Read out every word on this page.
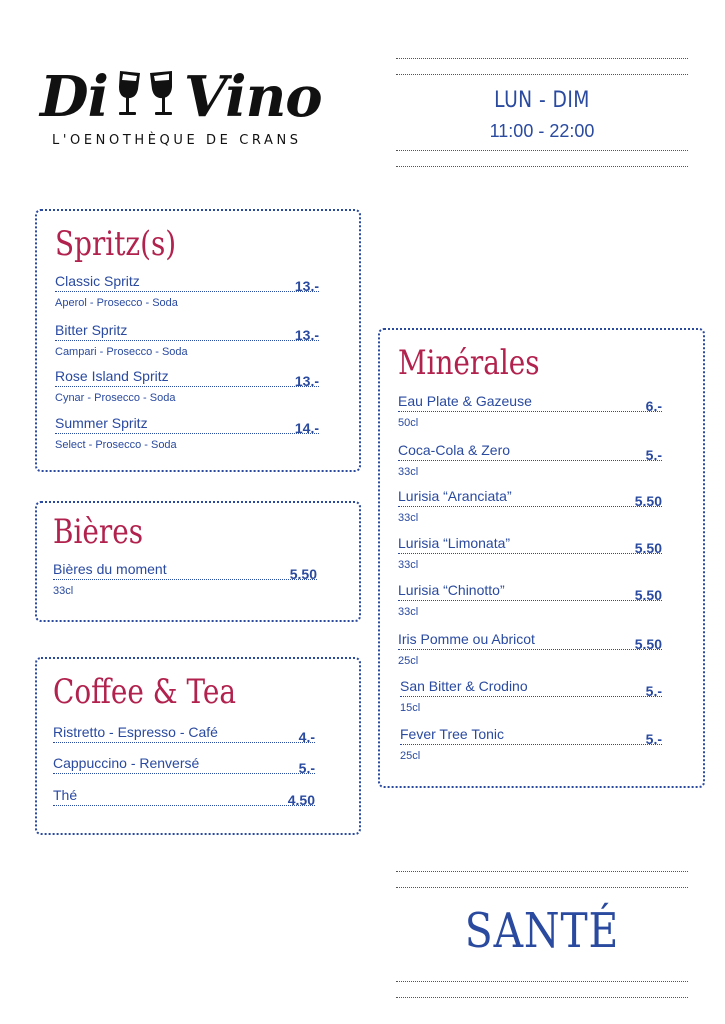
Di Vino
L'OENOTHÈQUE DE CRANS
LUN - DIM
11:00 - 22:00
Spritz(s)
Classic Spritz	13.-
Aperol - Prosecco - Soda
Bitter Spritz	13.-
Campari - Prosecco - Soda
Rose Island Spritz	13.-
Cynar - Prosecco - Soda
Summer Spritz	14.-
Select - Prosecco - Soda
Bières
Bières du moment	5.50
33cl
Coffee & Tea
Ristretto - Espresso - Café	4.-
Cappuccino - Renversé	5.-
Thé	4.50
Minérales
Eau Plate & Gazeuse	6.-
50cl
Coca-Cola & Zero	5.-
33cl
Lurisia “Aranciata”	5.50
33cl
Lurisia “Limonata”	5.50
33cl
Lurisia “Chinotto”	5.50
33cl
Iris Pomme ou Abricot	5.50
25cl
San Bitter & Crodino	5.-
15cl
Fever Tree Tonic	5.-
25cl
SANTÉ
